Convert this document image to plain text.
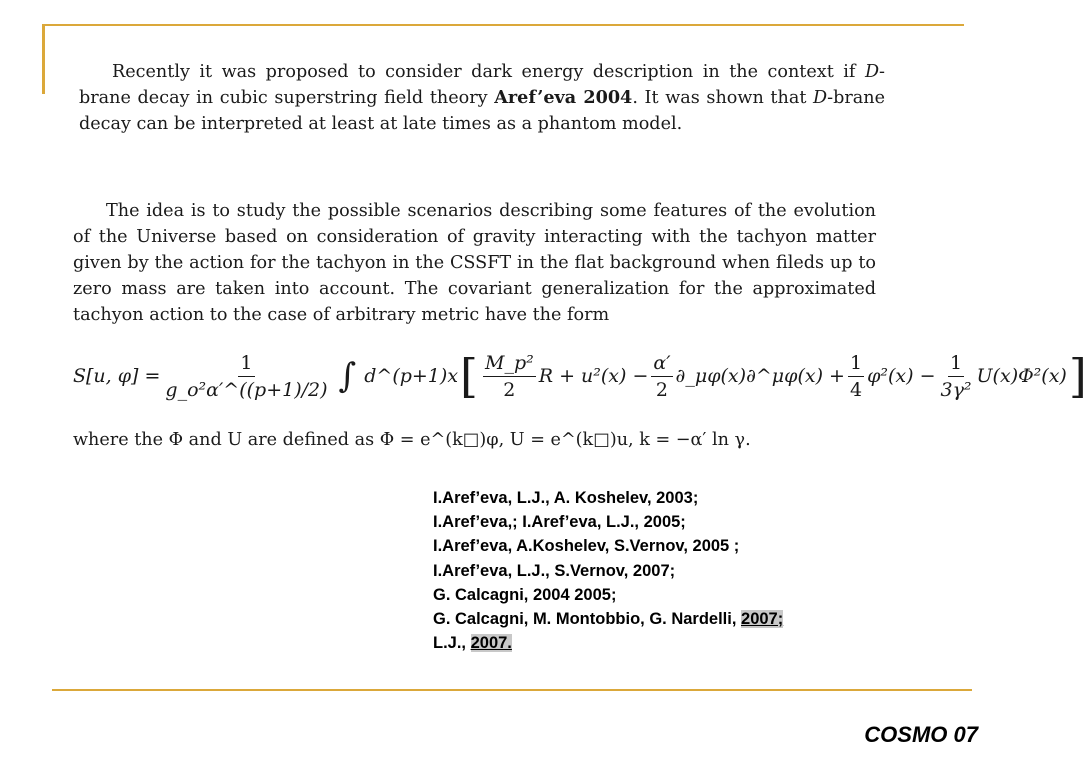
Recently it was proposed to consider dark energy description in the context if D-brane decay in cubic superstring field theory Aref’eva 2004. It was shown that D-brane decay can be interpreted at least at late times as a phantom model.

The idea is to study the possible scenarios describing some features of the evolution of the Universe based on consideration of gravity interacting with the tachyon matter given by the action for the tachyon in the CSSFT in the flat background when fileds up to zero mass are taken into account. The covariant generalization for the approximated tachyon action to the case of arbitrary metric have the form

S[u, $\varphi] = \frac{1}{\text{g\_o²α′\textasciicircum{}((p+1)/2)}}$ ∫ d^(p+1)x [ $\frac{\text{M\_p²}}{2}$ $R + u^2(x) - \frac{\alpha'}{2}$ ∂_μφ(x)∂^μφ(x) + $\frac{1}{4} \varphi^2(x) - \frac{1}{\text{3γ²}} U(x)\Phi^2(x)$ ]

where the Φ and U are defined as Φ = e^(k□)φ, U = e^(k□)u, k = −α′ ln γ.

I.Aref’eva, L.J., A. Koshelev, 2003;
I.Aref’eva,; I.Aref’eva, L.J., 2005;
I.Aref’eva, A.Koshelev, S.Vernov, 2005 ;
I.Aref’eva, L.J., S.Vernov, 2007;
G. Calcagni, 2004 2005;
G. Calcagni, M. Montobbio, G. Nardelli, 2007;
L.J., 2007.
COSMO 07
